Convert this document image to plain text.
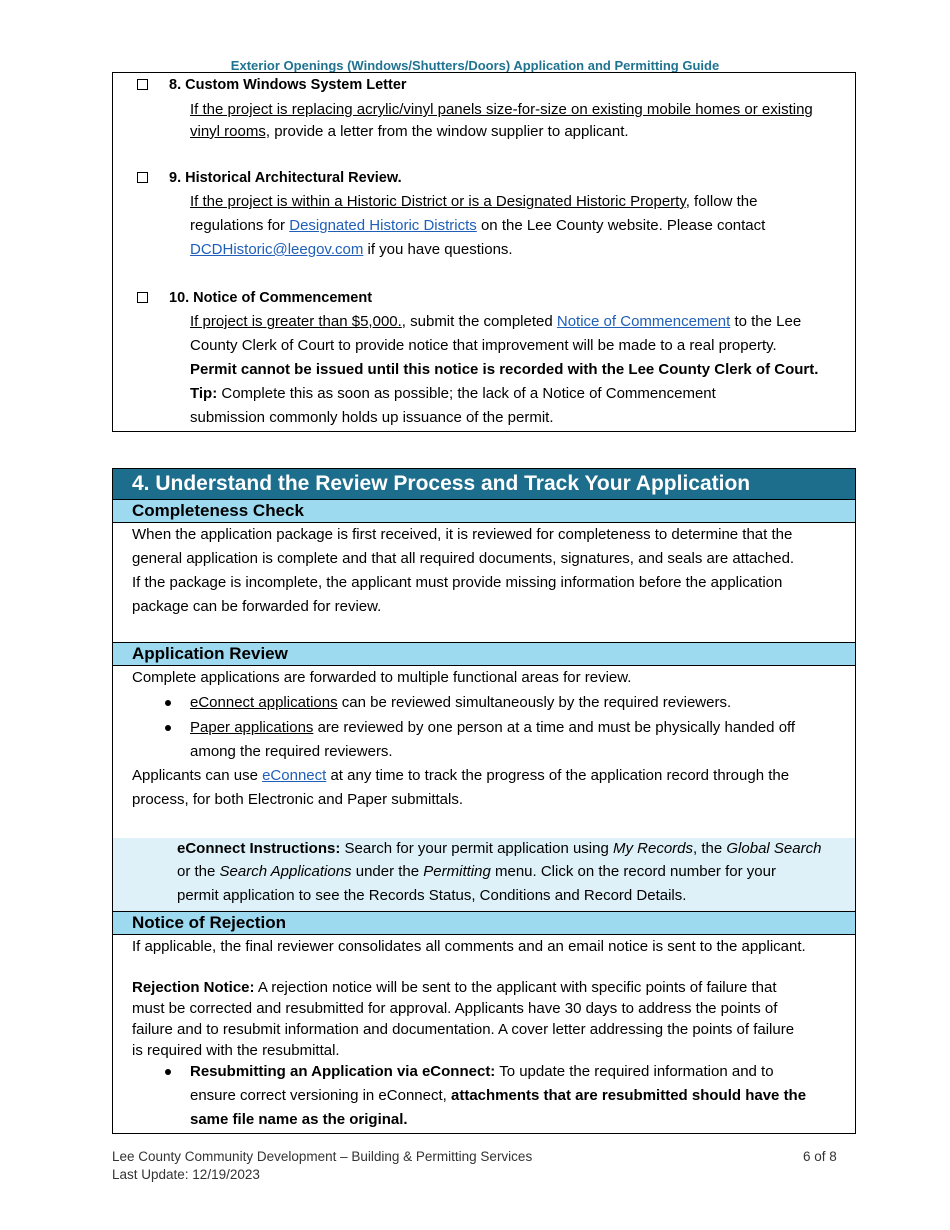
Exterior Openings (Windows/Shutters/Doors) Application and Permitting Guide
8. Custom Windows System Letter
If the project is replacing acrylic/vinyl panels size-for-size on existing mobile homes or existing
vinyl rooms, provide a letter from the window supplier to applicant.
9. Historical Architectural Review.
If the project is within a Historic District or is a Designated Historic Property, follow the
regulations for Designated Historic Districts on the Lee County website. Please contact
DCDHistoric@leegov.com if you have questions.
10. Notice of Commencement
If project is greater than $5,000., submit the completed Notice of Commencement to the Lee
County Clerk of Court to provide notice that improvement will be made to a real property.
Permit cannot be issued until this notice is recorded with the Lee County Clerk of Court.
Tip: Complete this as soon as possible; the lack of a Notice of Commencement
submission commonly holds up issuance of the permit.
4. Understand the Review Process and Track Your Application
Completeness Check
When the application package is first received, it is reviewed for completeness to determine that the
general application is complete and that all required documents, signatures, and seals are attached.
If the package is incomplete, the applicant must provide missing information before the application
package can be forwarded for review.
Application Review
Complete applications are forwarded to multiple functional areas for review.
eConnect applications can be reviewed simultaneously by the required reviewers.
Paper applications are reviewed by one person at a time and must be physically handed off
among the required reviewers.
Applicants can use eConnect at any time to track the progress of the application record through the
process, for both Electronic and Paper submittals.
eConnect Instructions: Search for your permit application using My Records, the Global Search
or the Search Applications under the Permitting menu. Click on the record number for your
permit application to see the Records Status, Conditions and Record Details.
Notice of Rejection
If applicable, the final reviewer consolidates all comments and an email notice is sent to the applicant.
Rejection Notice: A rejection notice will be sent to the applicant with specific points of failure that
must be corrected and resubmitted for approval. Applicants have 30 days to address the points of
failure and to resubmit information and documentation. A cover letter addressing the points of failure
is required with the resubmittal.
Resubmitting an Application via eConnect: To update the required information and to
ensure correct versioning in eConnect, attachments that are resubmitted should have the
same file name as the original.
Lee County Community Development – Building & Permitting Services
Last Update: 12/19/2023
6 of 8
